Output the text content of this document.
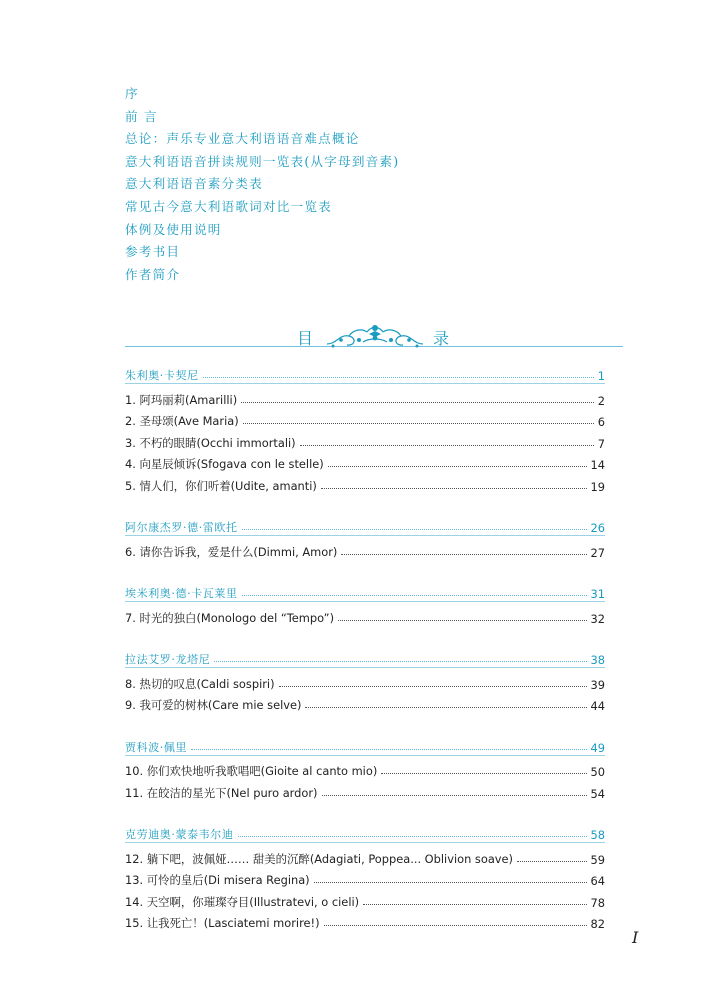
序
前 言
总论：声乐专业意大利语语音难点概论
意大利语语音拼读规则一览表(从字母到音素)
意大利语语音素分类表
常见古今意大利语歌词对比一览表
体例及使用说明
参考书目
作者简介
目	录
朱利奥·卡契尼	1
1. 阿玛丽莉(Amarilli)	2
2. 圣母颂(Ave Maria)	6
3. 不朽的眼睛(Occhi immortali)	7
4. 向星辰倾诉(Sfogava con le stelle)	14
5. 情人们，你们听着(Udite, amanti)	19
阿尔康杰罗·德·雷欧托	26
6. 请你告诉我，爱是什么(Dimmi, Amor)	27
埃米利奥·德·卡瓦莱里	31
7. 时光的独白(Monologo del “Tempo”)	32
拉法艾罗·龙塔尼	38
8. 热切的叹息(Caldi sospiri)	39
9. 我可爱的树林(Care mie selve)	44
贾科波·佩里	49
10. 你们欢快地听我歌唱吧(Gioite al canto mio)	50
11. 在皎洁的星光下(Nel puro ardor)	54
克劳迪奥·蒙泰韦尔迪	58
12. 躺下吧，波佩娅…… 甜美的沉醉(Adagiati, Poppea... Oblivion soave)	59
13. 可怜的皇后(Di misera Regina)	64
14. 天空啊，你璀璨夺目(Illustratevi, o cieli)	78
15. 让我死亡！(Lasciatemi morire!)	82
I
